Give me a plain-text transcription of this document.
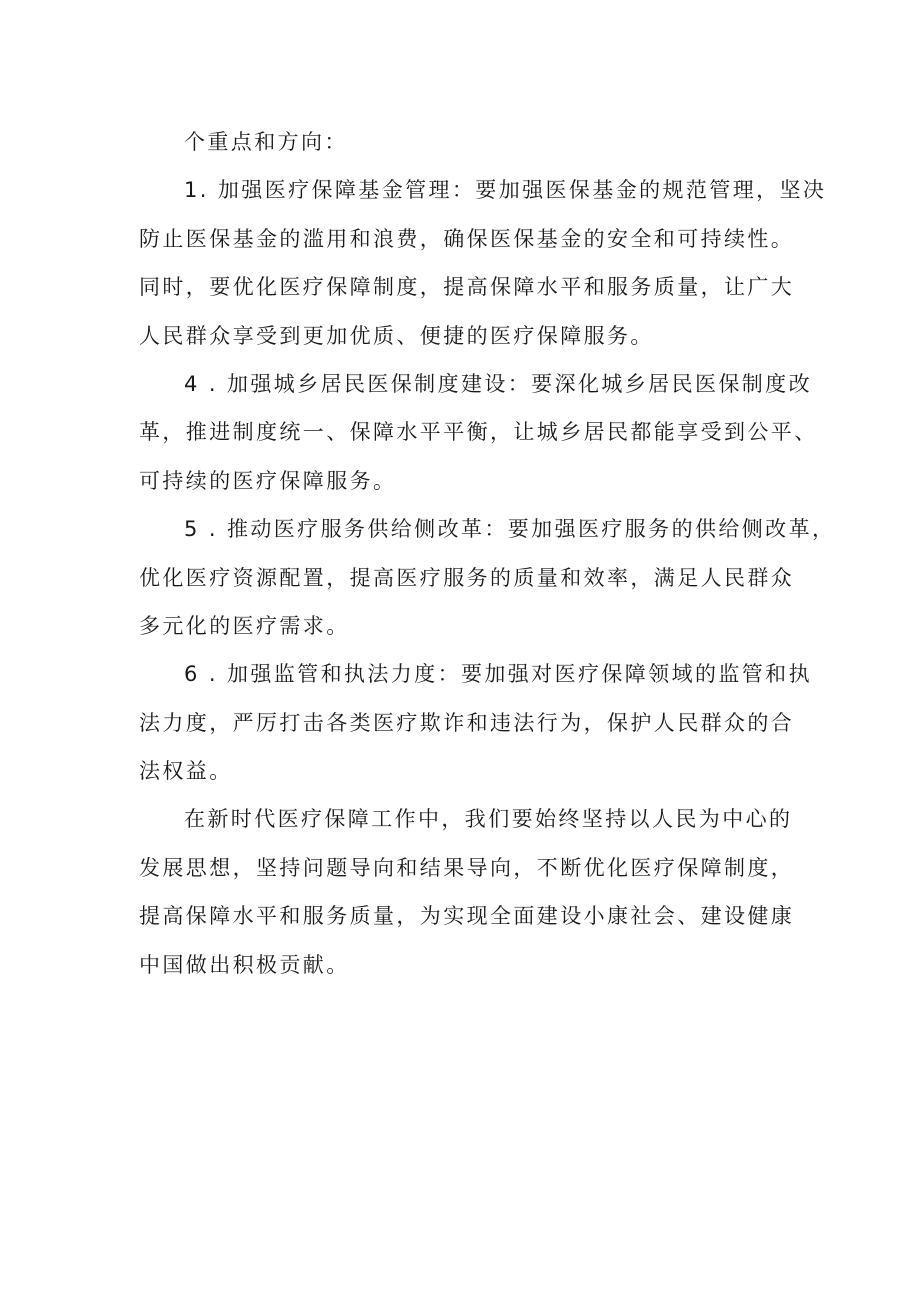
个重点和方向：
1. 加强医疗保障基金管理：要加强医保基金的规范管理，坚决
防止医保基金的滥用和浪费，确保医保基金的安全和可持续性。
同时，要优化医疗保障制度，提高保障水平和服务质量，让广大
人民群众享受到更加优质、便捷的医疗保障服务。
4 . 加强城乡居民医保制度建设：要深化城乡居民医保制度改
革，推进制度统一、保障水平平衡，让城乡居民都能享受到公平、
可持续的医疗保障服务。
5 . 推动医疗服务供给侧改革：要加强医疗服务的供给侧改革，
优化医疗资源配置，提高医疗服务的质量和效率，满足人民群众
多元化的医疗需求。
6 . 加强监管和执法力度：要加强对医疗保障领域的监管和执
法力度，严厉打击各类医疗欺诈和违法行为，保护人民群众的合
法权益。
在新时代医疗保障工作中，我们要始终坚持以人民为中心的
发展思想，坚持问题导向和结果导向，不断优化医疗保障制度，
提高保障水平和服务质量，为实现全面建设小康社会、建设健康
中国做出积极贡献。
